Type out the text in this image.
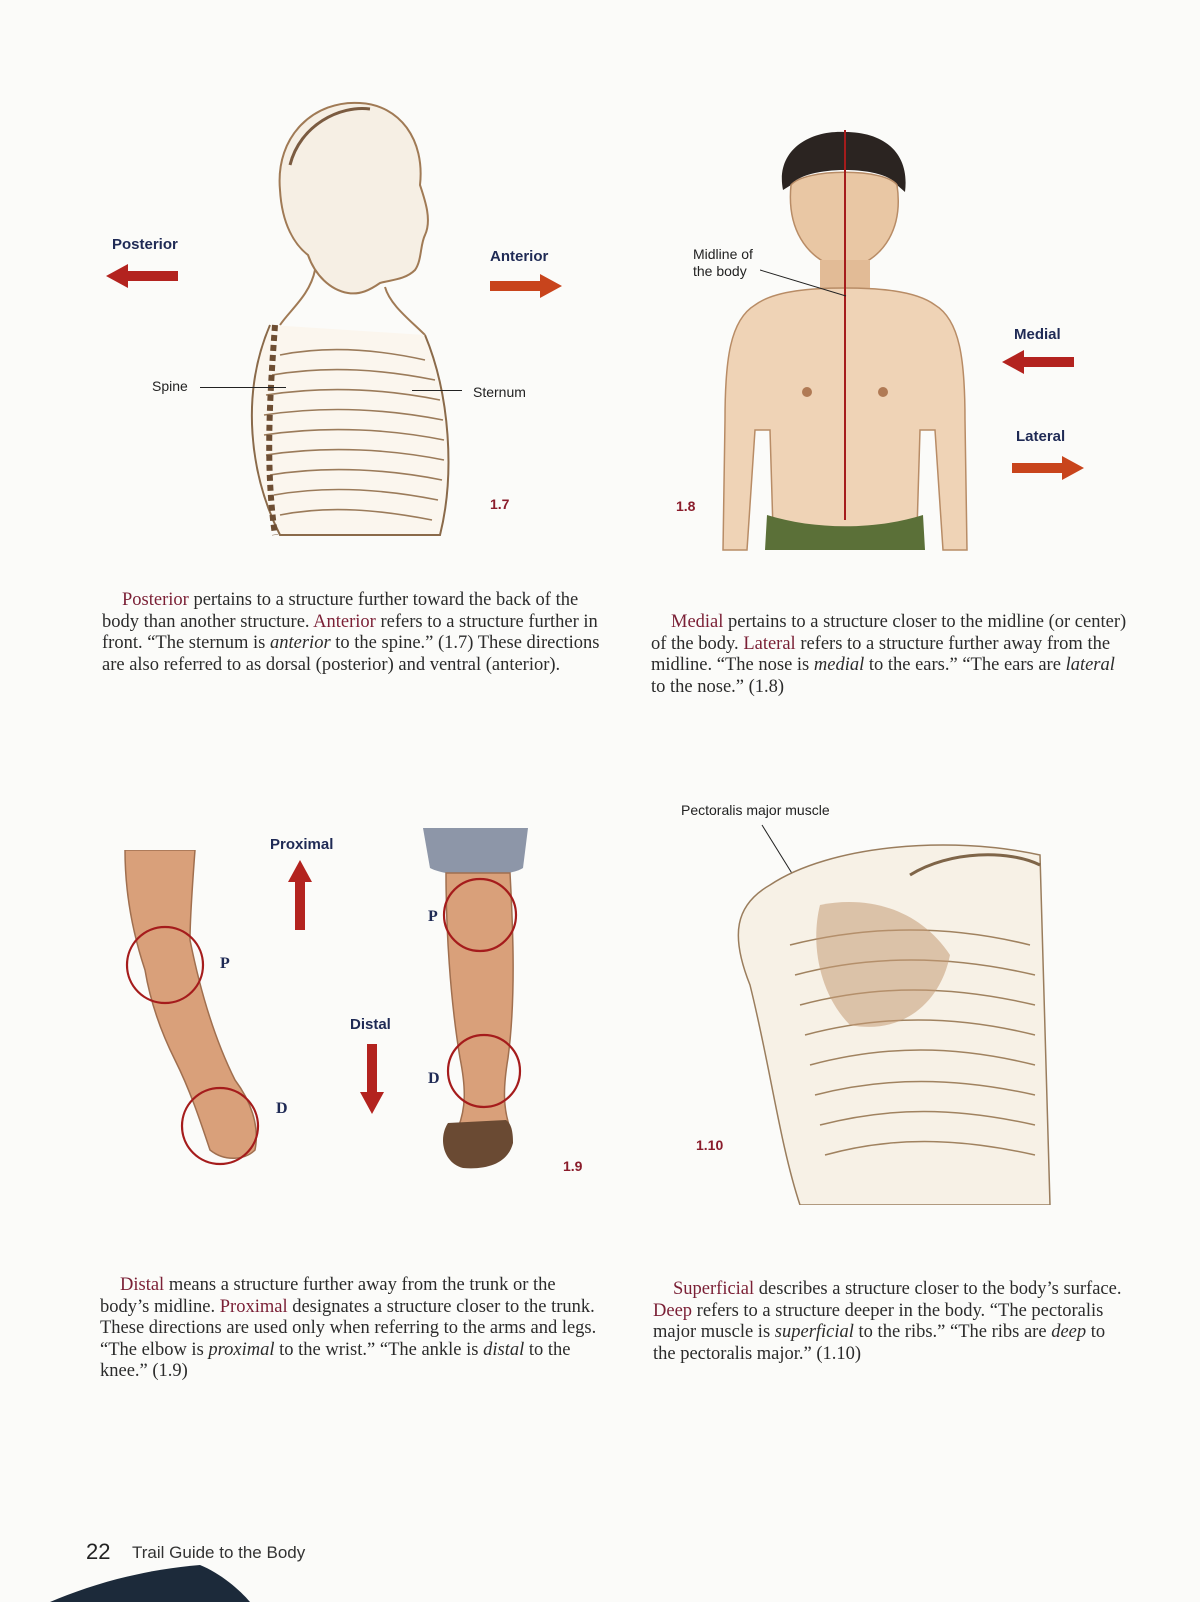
Posterior
Anterior
Spine	Sternum
1.7
Midline of
the body
Medial
Lateral
1.8

Posterior pertains to a structure further toward the back of the body than another structure. Anterior refers to a structure further in front. “The sternum is anterior to the spine.” (1.7) These directions are also referred to as dorsal (posterior) and ventral (anterior).

Medial pertains to a structure closer to the midline (or center) of the body. Lateral refers to a structure further away from the midline. “The nose is medial to the ears.” “The ears are lateral to the nose.” (1.8)

P
D
Proximal
Distal
P
D
1.9
Pectoralis major muscle
1.10

Distal means a structure further away from the trunk or the body’s midline. Proximal designates a structure closer to the trunk. These directions are used only when referring to the arms and legs. “The elbow is proximal to the wrist.” “The ankle is distal to the knee.” (1.9)

Superficial describes a structure closer to the body’s surface. Deep refers to a structure deeper in the body. “The pectoralis major muscle is superficial to the ribs.” “The ribs are deep to the pectoralis major.” (1.10)

22 Trail Guide to the Body
